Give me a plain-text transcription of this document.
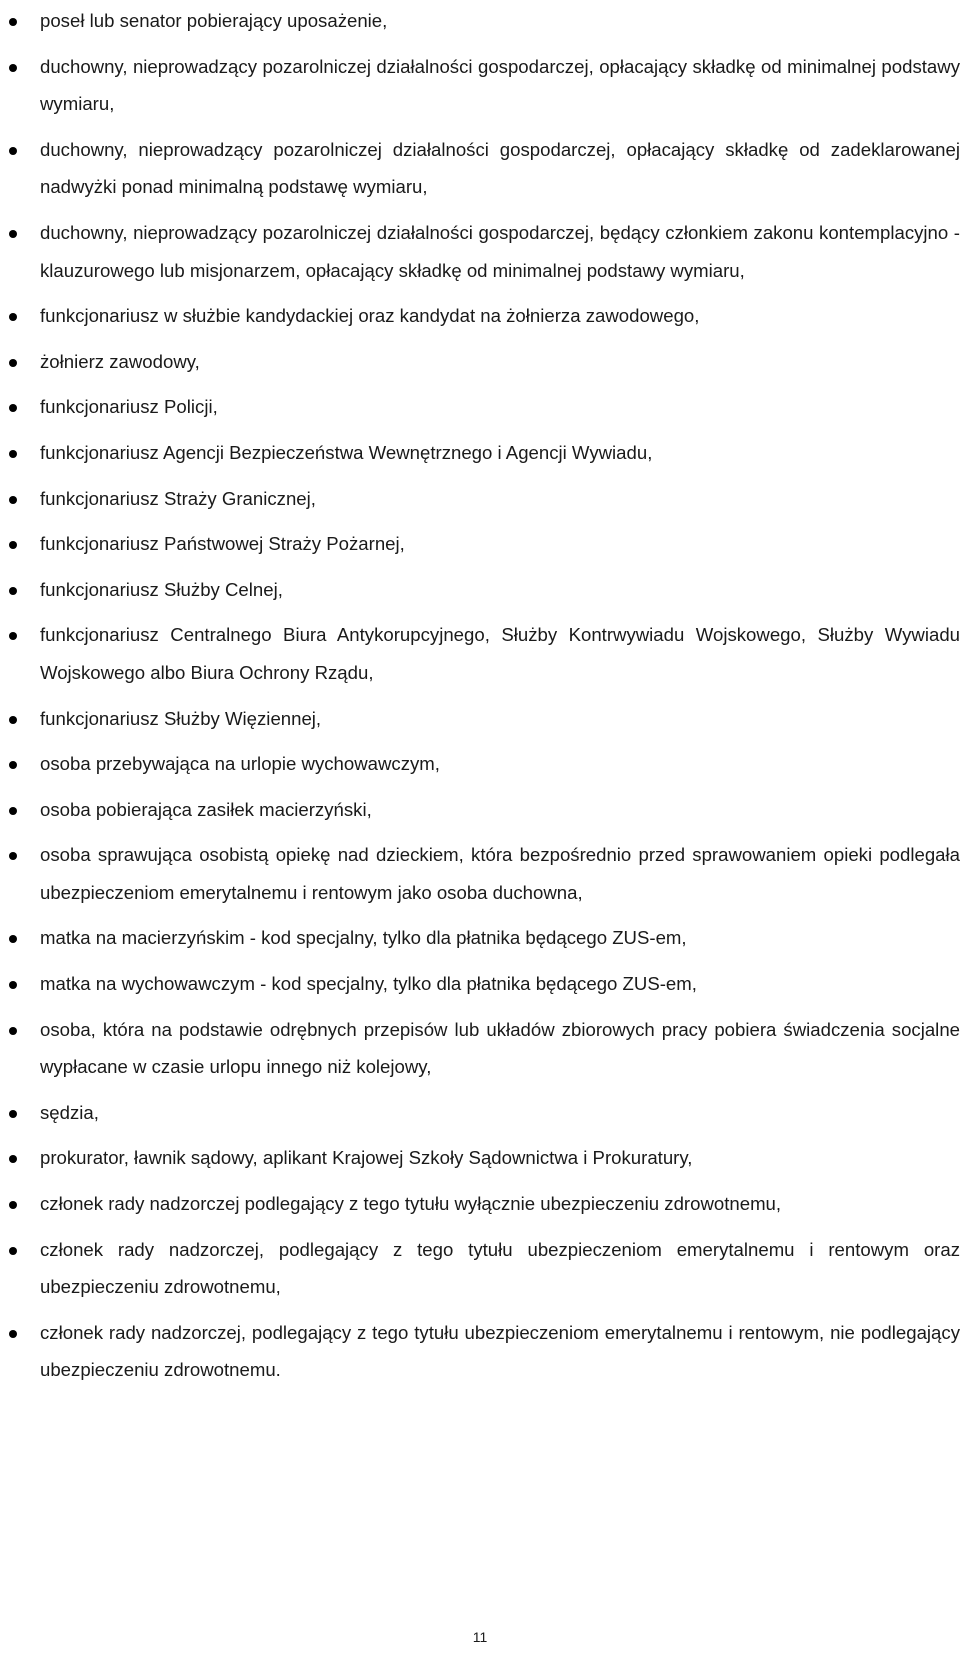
poseł lub senator pobierający uposażenie,
duchowny, nieprowadzący pozarolniczej działalności gospodarczej, opłacający składkę od minimalnej podstawy wymiaru,
duchowny, nieprowadzący pozarolniczej działalności gospodarczej, opłacający składkę od zadeklarowanej nadwyżki ponad minimalną podstawę wymiaru,
duchowny, nieprowadzący pozarolniczej działalności gospodarczej, będący członkiem zakonu kontemplacyjno - klauzurowego lub misjonarzem, opłacający składkę od minimalnej podstawy wymiaru,
funkcjonariusz w służbie kandydackiej oraz kandydat na żołnierza zawodowego,
żołnierz zawodowy,
funkcjonariusz Policji,
funkcjonariusz Agencji Bezpieczeństwa Wewnętrznego i Agencji Wywiadu,
funkcjonariusz Straży Granicznej,
funkcjonariusz Państwowej Straży Pożarnej,
funkcjonariusz Służby Celnej,
funkcjonariusz Centralnego Biura Antykorupcyjnego, Służby Kontrwywiadu Wojskowego, Służby Wywiadu Wojskowego albo Biura Ochrony Rządu,
funkcjonariusz Służby Więziennej,
osoba przebywająca na urlopie wychowawczym,
osoba pobierająca zasiłek macierzyński,
osoba sprawująca osobistą opiekę nad dzieckiem, która bezpośrednio przed sprawowaniem opieki podlegała ubezpieczeniom emerytalnemu i rentowym jako osoba duchowna,
matka na macierzyńskim - kod specjalny, tylko dla płatnika będącego ZUS-em,
matka na wychowawczym - kod specjalny, tylko dla płatnika będącego ZUS-em,
osoba, która na podstawie odrębnych przepisów lub układów zbiorowych pracy pobiera świadczenia socjalne wypłacane w czasie urlopu innego niż kolejowy,
sędzia,
prokurator, ławnik sądowy, aplikant Krajowej Szkoły Sądownictwa i Prokuratury,
członek rady nadzorczej podlegający z tego tytułu wyłącznie ubezpieczeniu zdrowotnemu,
członek rady nadzorczej, podlegający z tego tytułu ubezpieczeniom emerytalnemu i rentowym oraz ubezpieczeniu zdrowotnemu,
członek rady nadzorczej, podlegający z tego tytułu ubezpieczeniom emerytalnemu i rentowym, nie podlegający ubezpieczeniu zdrowotnemu.
11
